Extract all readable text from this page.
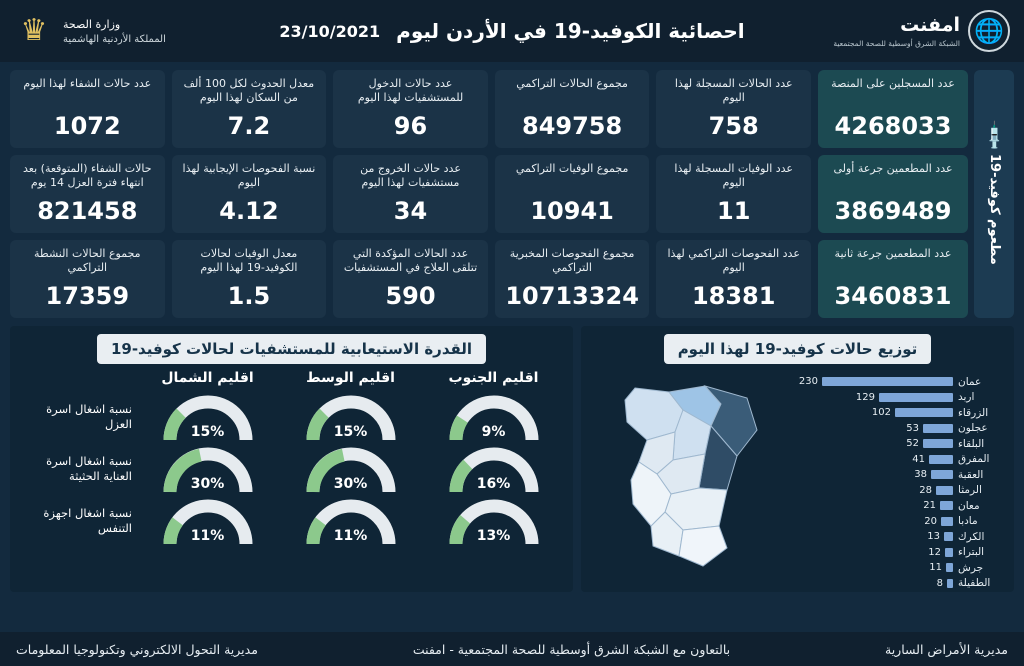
🌐
امفنت
الشبكة الشرق أوسطية للصحة المجتمعية
احصائية الكوفيد-19 في الأردن ليوم
23/10/2021
وزارة الصحة
المملكة الأردنية الهاشمية
♛
💉
مطعوم كوفيد-19
عدد المسجلين على المنصة
4268033
عدد المطعمين جرعة أولى
3869489
عدد المطعمين جرعة ثانية
3460831
عدد الحالات المسجلة لهذا اليوم
758
عدد الوفيات المسجلة لهذا اليوم
11
عدد الفحوصات التراكمي لهذا اليوم
18381
مجموع الحالات التراكمي
849758
مجموع الوفيات التراكمي
10941
مجموع الفحوصات المخبرية التراكمي
10713324
عدد حالات الدخول للمستشفيات لهذا اليوم
96
عدد حالات الخروج من مستشفيات لهذا اليوم
34
عدد الحالات المؤكدة التي تتلقى العلاج في المستشفيات
590
معدل الحدوث لكل 100 ألف من السكان لهذا اليوم
7.2
نسبة الفحوصات الإيجابية لهذا اليوم
4.12
معدل الوفيات لحالات الكوفيد-19 لهذا اليوم
1.5
عدد حالات الشفاء لهذا اليوم
1072
حالات الشفاء (المتوقعة) بعد انتهاء فترة العزل 14 يوم
821458
مجموع الحالات النشطة التراكمي
17359
توزيع حالات كوفيد-19 لهذا اليوم
عمان
230
اربد
129
الزرقاء
102
عجلون
53
البلقاء
52
المفرق
41
العقبة
38
الرمثا
28
معان
21
مادبا
20
الكرك
13
البتراء
12
جرش
11
الطفيلة
8
القدرة الاستيعابية للمستشفيات لحالات كوفيد-19
اقليم الجنوب
اقليم الوسط
اقليم الشمال
9%
15%
15%
نسبة اشغال اسرة العزل
16%
30%
30%
نسبة اشغال اسرة العناية الحثيثة
13%
11%
11%
نسبة اشغال اجهزة التنفس
مديرية الأمراض السارية
بالتعاون مع الشبكة الشرق أوسطية للصحة المجتمعية - امفنت
مديرية التحول الالكتروني وتكنولوجيا المعلومات
